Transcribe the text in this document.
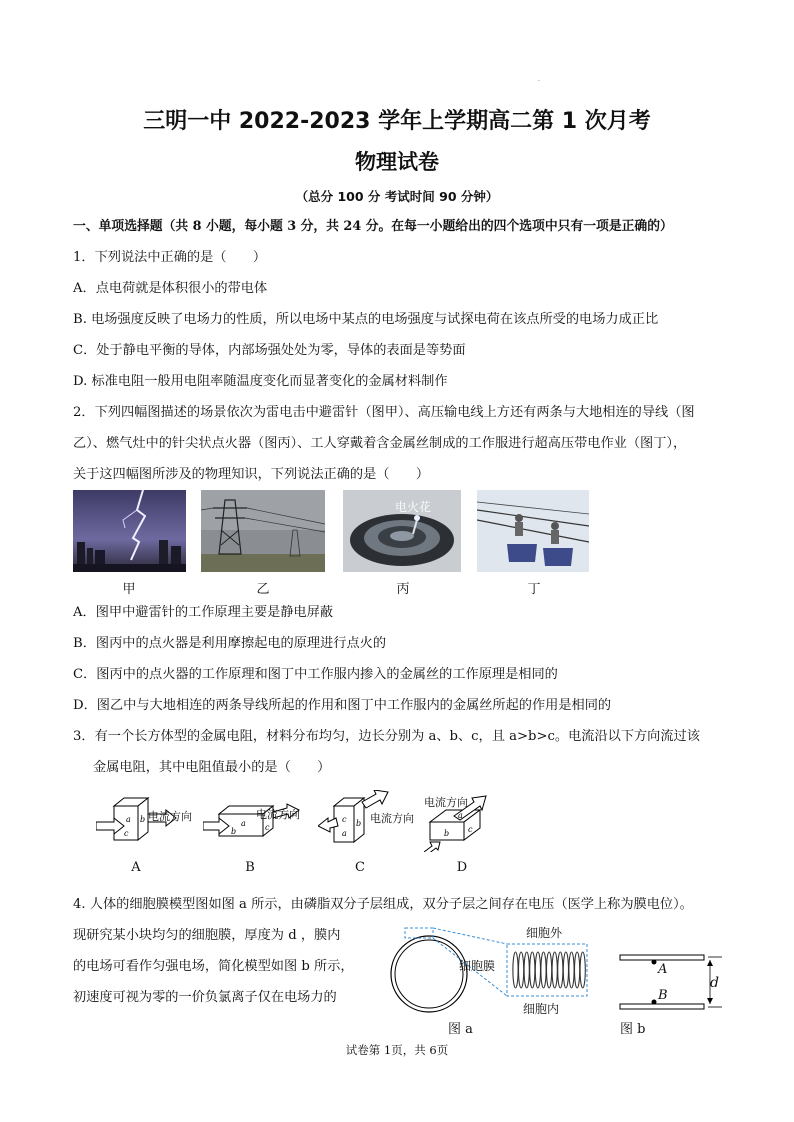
·
三明一中 2022-2023 学年上学期高二第 1 次月考
物理试卷
（总分 100 分 考试时间 90 分钟）
一、单项选择题（共 8 小题，每小题 3 分，共 24 分。在每一小题给出的四个选项中只有一项是正确的）
1．下列说法中正确的是（　　）
A．点电荷就是体积很小的带电体
B. 电场强度反映了电场力的性质，所以电场中某点的电场强度与试探电荷在该点所受的电场力成正比
C．处于静电平衡的导体，内部场强处处为零，导体的表面是等势面
D. 标准电阻一般用电阻率随温度变化而显著变化的金属材料制作
2．下列四幅图描述的场景依次为雷电击中避雷针（图甲）、高压输电线上方还有两条与大地相连的导线（图
乙）、燃气灶中的针尖状点火器（图丙）、工人穿戴着含金属丝制成的工作服进行超高压带电作业（图丁），
关于这四幅图所涉及的物理知识，下列说法正确的是（　　）
电火花
甲	乙	丙	丁
A．图甲中避雷针的工作原理主要是静电屏蔽
B．图丙中的点火器是利用摩擦起电的原理进行点火的
C．图丙中的点火器的工作原理和图丁中工作服内掺入的金属丝的工作原理是相同的
D．图乙中与大地相连的两条导线所起的作用和图丁中工作服内的金属丝所起的作用是相同的
3．有一个长方体型的金属电阻，材料分布均匀，边长分别为 a、b、c，且 a>b>c。电流沿以下方向流过该
金属电阻，其中电阻值最小的是（　　）
a b
c
电流方向
a
b	c
电流方向	c
a
b 电流方向
b
a
c
电流方向
A	B	C	D
4. 人体的细胞膜模型图如图 a 所示，由磷脂双分子层组成，双分子层之间存在电压（医学上称为膜电位）。
现研究某小块均匀的细胞膜，厚度为 d ，膜内
的电场可看作匀强电场，简化模型如图 b 所示，
初速度可视为零的一价负氯离子仅在电场力的
细胞外
细胞膜
细胞内
图 a
A
B
d
图 b
试卷第 1页，共 6页
